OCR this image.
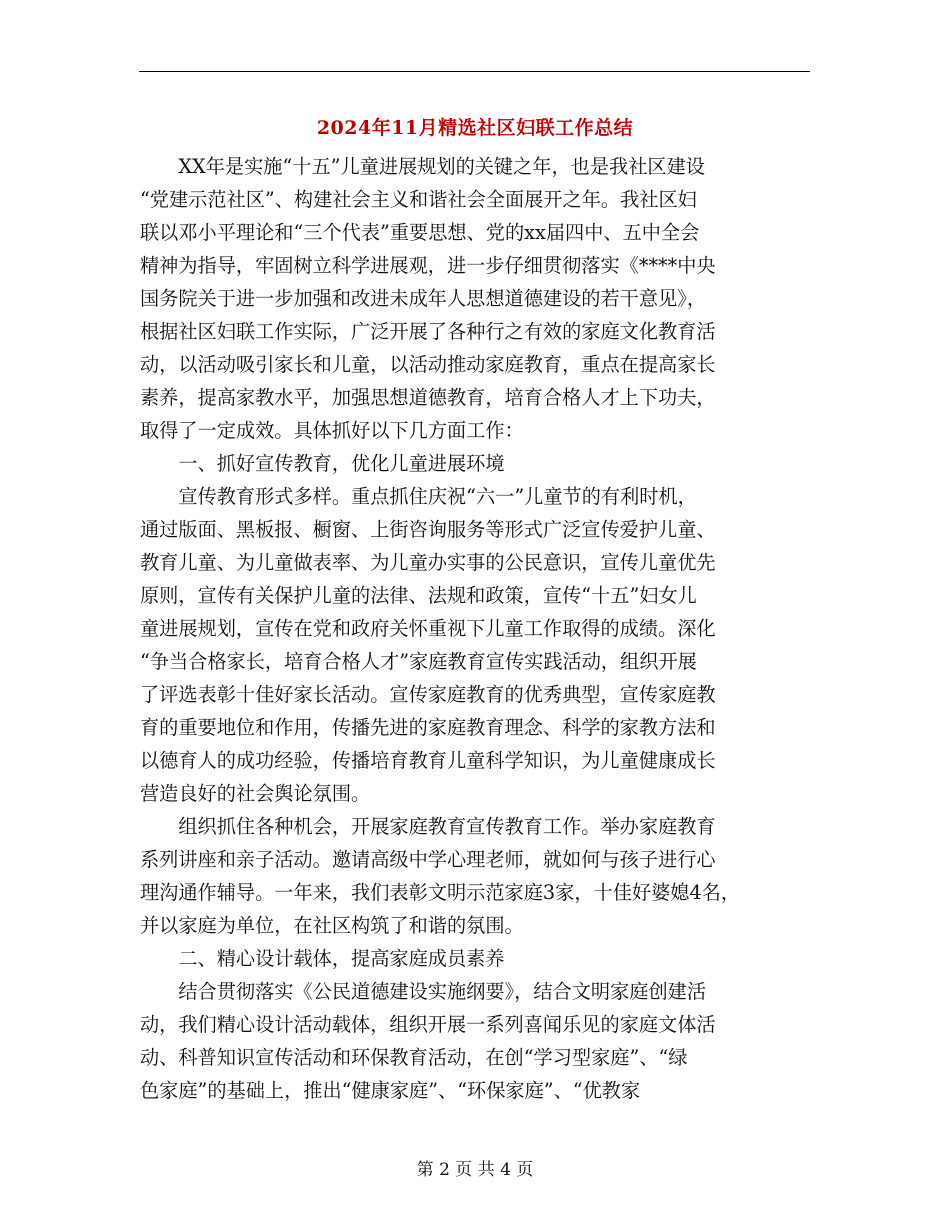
2024年11月精选社区妇联工作总结
　　XX年是实施“十五”儿童进展规划的关键之年，也是我社区建设
“党建示范社区”、构建社会主义和谐社会全面展开之年。我社区妇
联以邓小平理论和“三个代表”重要思想、党的xx届四中、五中全会
精神为指导，牢固树立科学进展观，进一步仔细贯彻落实《****中央
国务院关于进一步加强和改进未成年人思想道德建设的若干意见》，
根据社区妇联工作实际，广泛开展了各种行之有效的家庭文化教育活
动，以活动吸引家长和儿童，以活动推动家庭教育，重点在提高家长
素养，提高家教水平，加强思想道德教育，培育合格人才上下功夫，
取得了一定成效。具体抓好以下几方面工作：
　　一、抓好宣传教育，优化儿童进展环境
　　宣传教育形式多样。重点抓住庆祝“六一”儿童节的有利时机，
通过版面、黑板报、橱窗、上街咨询服务等形式广泛宣传爱护儿童、
教育儿童、为儿童做表率、为儿童办实事的公民意识，宣传儿童优先
原则，宣传有关保护儿童的法律、法规和政策，宣传“十五”妇女儿
童进展规划，宣传在党和政府关怀重视下儿童工作取得的成绩。深化
“争当合格家长，培育合格人才”家庭教育宣传实践活动，组织开展
了评选表彰十佳好家长活动。宣传家庭教育的优秀典型，宣传家庭教
育的重要地位和作用，传播先进的家庭教育理念、科学的家教方法和
以德育人的成功经验，传播培育教育儿童科学知识，为儿童健康成长
营造良好的社会舆论氛围。
　　组织抓住各种机会，开展家庭教育宣传教育工作。举办家庭教育
系列讲座和亲子活动。邀请高级中学心理老师，就如何与孩子进行心
理沟通作辅导。一年来，我们表彰文明示范家庭3家，十佳好婆媳4名，
并以家庭为单位，在社区构筑了和谐的氛围。
　　二、精心设计载体，提高家庭成员素养
　　结合贯彻落实《公民道德建设实施纲要》，结合文明家庭创建活
动，我们精心设计活动载体，组织开展一系列喜闻乐见的家庭文体活
动、科普知识宣传活动和环保教育活动，在创“学习型家庭”、“绿
色家庭”的基础上，推出“健康家庭”、“环保家庭”、“优教家
第 2 页 共 4 页
